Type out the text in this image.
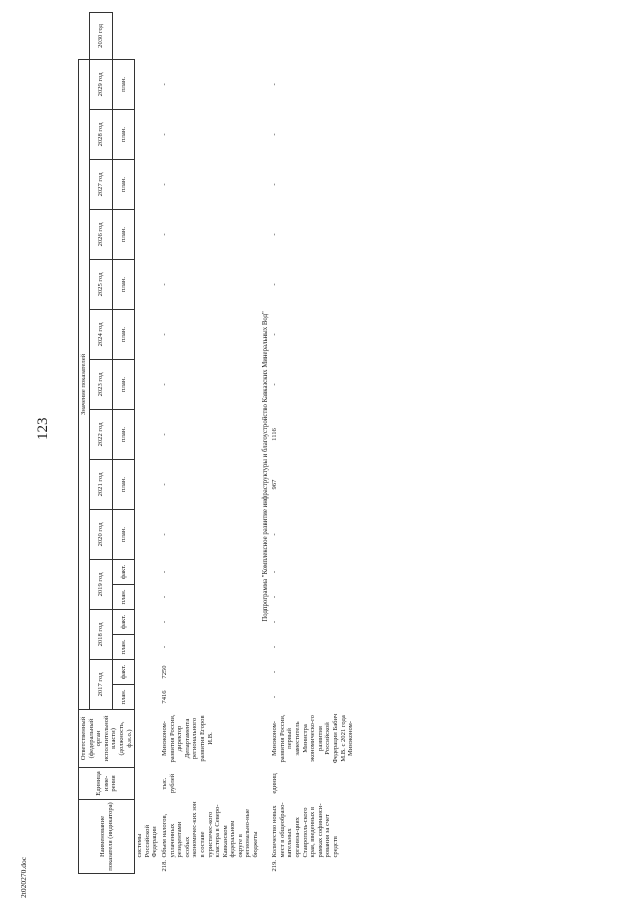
123
2t020270.doc
Наименование показателя (индикатора)		Единица изме-рения	Ответственный (федеральный орган исполнительной власти) (должность, ф.и.о.)	Значение показателей																
				2017 год		2018 год		2019 год		2020 год	2021 год	2022 год	2023 год	2024 год	2025 год	2026 год	2027 год	2028 год	2029 год	2030 год
				план.	факт.	план.	факт.	план.	факт.	план.	план.	план.	план.	план.	план.	план.	план.	план.	план.	
	системы Российской Федерации																			
218.	Объем налогов, уплаченных резидентами особых экономичес-ких зон в составе туристичес-кого кластера в Северо-Кавказском федеральном округе в регионально-ные бюджеты	тыс. рублей	Минэконом-развития России, директор Департамента регионального развития Егоров И.В.	7416	7250	-	-	-	-	-	-	-	-	-	-	-	-	-	-	
Подпрограмма "Комплексное развитие инфраструктуры и благоустройство Кавказских Минеральных Вод"																				
219.	Количество новых мест в общеобразо-вательных организа-циях Ставрополь-ского края, введенных в рамках софинанси-рования за счет средств	единиц	Минэконом-развития России, первый заместитель Министра экономическо-го развития Российской Федерации Бабич М.В. с 2021 года Минэконом-	-	-	-	-	-	-	-	967	1116	-	-	-	-	-	-	-	
